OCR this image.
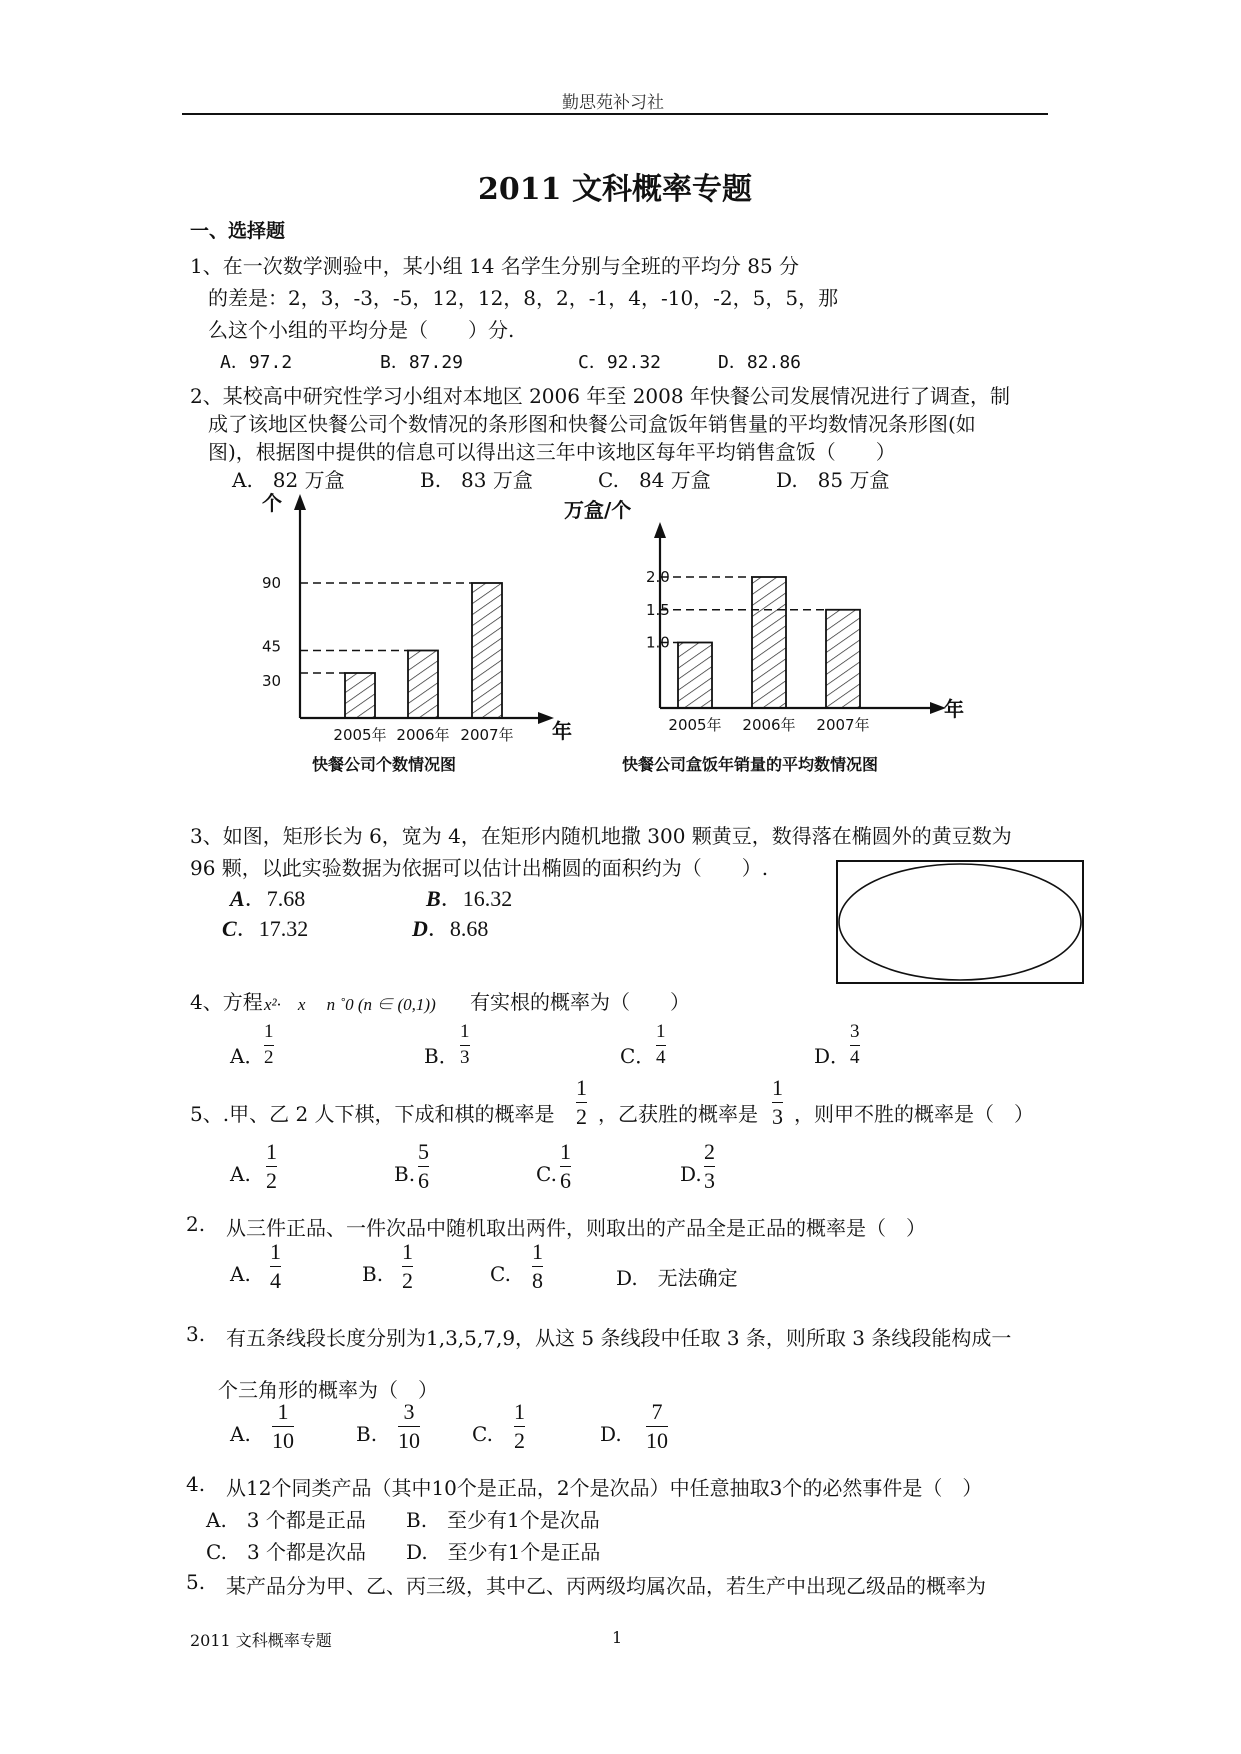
勤思苑补习社
2011 文科概率专题
一、选择题
1、在一次数学测验中，某小组 14 名学生分别与全班的平均分 85 分
的差是：2，3，-3，-5，12，12，8，2，-1，4，-10，-2，5，5，那
么这个小组的平均分是（　　）分.
A．97.2	B．87.29	C．92.32	D．82.86
2、某校高中研究性学习小组对本地区 2006 年至 2008 年快餐公司发展情况进行了调查，制
成了该地区快餐公司个数情况的条形图和快餐公司盒饭年销售量的平均数情况条形图(如
图)，根据图中提供的信息可以得出这三年中该地区每年平均销售盒饭（　　）
A.　82 万盒	B.　83 万盒	C.　84 万盒	D.　85 万盒
个
年
2005年 2006年 2007年
30
45
90
快餐公司个数情况图
万盒/个
年
2005年 2006年 2007年
1.0
1.5
2.0
快餐公司盒饭年销量的平均数情况图
3、如图，矩形长为 6，宽为 4，在矩形内随机地撒 300 颗黄豆，数得落在椭圆外的黄豆数为
96 颗，以此实验数据为依据可以估计出椭圆的面积约为（　　）.
A．7.68	B．16.32
C．17.32	D．8.68
4、方程 x²·　x　 n ˚0 (n ∈ (0,1)) 有实根的概率为（　　）
A．
1
2	B．
1
3	C．
1
4	D．
3
4
5、.甲、乙 2 人下棋，下成和棋的概率是
1
2 ，乙获胜的概率是
1
3 ，则甲不胜的概率是（　）
A.
1
2	B.
5
6	C.
1
6	D.
2
3
2. 从三件正品、一件次品中随机取出两件，则取出的产品全是正品的概率是（　）
A.
1
4	B.
1
2	C.
1
8	D.　无法确定
3. 有五条线段长度分别为1,3,5,7,9，从这 5 条线段中任取 3 条，则所取 3 条线段能构成一
个三角形的概率为（　）
A.
1
10	B.
3
10	C.
1
2	D.
7
10
4. 从12个同类产品（其中10个是正品，2个是次品）中任意抽取3个的必然事件是（　）
A.　3 个都是正品 B.　至少有1个是次品
C.　3 个都是次品 D.　至少有1个是正品
5. 某产品分为甲、乙、丙三级，其中乙、丙两级均属次品，若生产中出现乙级品的概率为
2011 文科概率专题	1
